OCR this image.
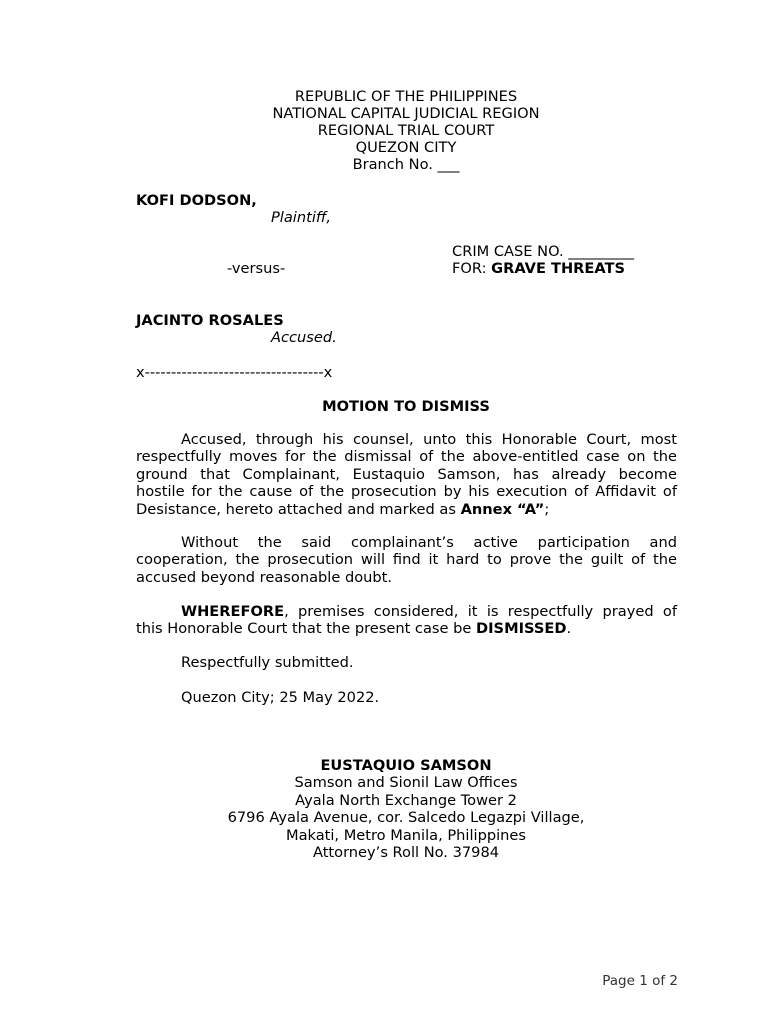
REPUBLIC OF THE PHILIPPINES
NATIONAL CAPITAL JUDICIAL REGION
REGIONAL TRIAL COURT
QUEZON CITY
Branch No. ___
KOFI DODSON,
Plaintiff,
CRIM CASE NO. _________
-versus-	FOR: GRAVE THREATS
JACINTO ROSALES
Accused.
x----------------------------------x
MOTION TO DISMISS
Accused, through his counsel, unto this Honorable Court, most
respectfully moves for the dismissal of the above-entitled case on the
ground that Complainant, Eustaquio Samson, has already become
hostile for the cause of the prosecution by his execution of Affidavit of
Desistance, hereto attached and marked as Annex “A”;
Without the said complainant’s active participation and
cooperation, the prosecution will find it hard to prove the guilt of the
accused beyond reasonable doubt.
WHEREFORE, premises considered, it is respectfully prayed of
this Honorable Court that the present case be DISMISSED.
Respectfully submitted.
Quezon City; 25 May 2022.
EUSTAQUIO SAMSON
Samson and Sionil Law Offices
Ayala North Exchange Tower 2
6796 Ayala Avenue, cor. Salcedo Legazpi Village,
Makati, Metro Manila, Philippines
Attorney’s Roll No. 37984
Page 1 of 2
